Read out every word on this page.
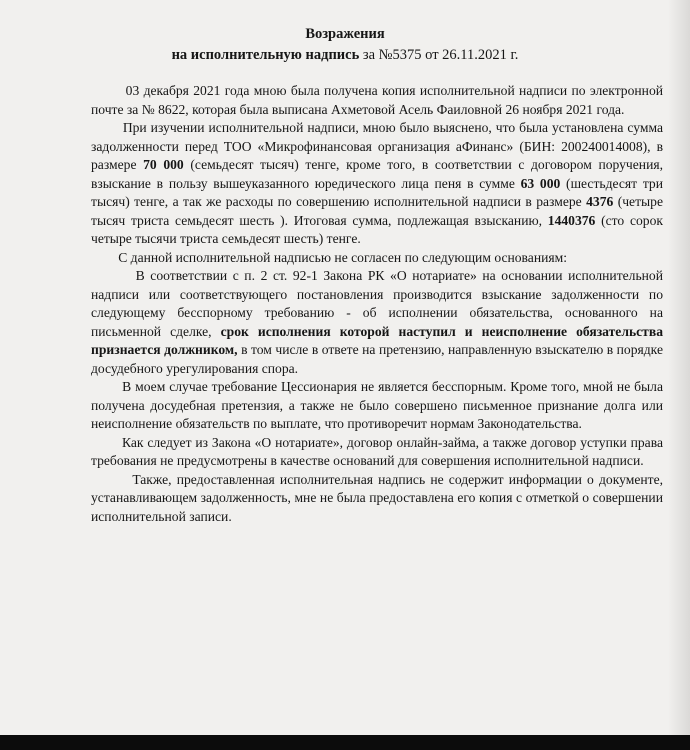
Возражения
на исполнительную надпись за №5375 от 26.11.2021 г.

03 декабря 2021 года мною была получена копия исполнительной надписи по электронной почте за № 8622, которая была выписана Ахметовой Асель Фаиловной 26 ноября 2021 года.

При изучении исполнительной надписи, мною было выяснено, что была установлена сумма задолженности перед ТОО «Микрофинансовая организация аФинанс» (БИН: 200240014008), в размере 70 000 (семьдесят тысяч) тенге, кроме того, в соответствии с договором поручения, взыскание в пользу вышеуказанного юредического лица пеня в сумме 63 000 (шестьдесят три тысяч) тенге, а так же расходы по совершению исполнительной надписи в размере 4376 (четыре тысяч триста семьдесят шесть ). Итоговая сумма, подлежащая взысканию, 1440376 (сто сорок четыре тысячи триста семьдесят шесть) тенге.

С данной исполнительной надписью не согласен по следующим основаниям:

В соответствии с п. 2 ст. 92-1 Закона РК «О нотариате» на основании исполнительной надписи или соответствующего постановления производится взыскание задолженности по следующему бесспорному требованию - об исполнении обязательства, основанного на письменной сделке, срок исполнения которой наступил и неисполнение обязательства признается должником, в том числе в ответе на претензию, направленную взыскателю в порядке досудебного урегулирования спора.

В моем случае требование Цессионария не является бесспорным. Кроме того, мной не была получена досудебная претензия, а также не было совершено письменное признание долга или неисполнение обязательств по выплате, что противоречит нормам Законодательства.

Как следует из Закона «О нотариате», договор онлайн-займа, а также договор уступки права требования не предусмотрены в качестве оснований для совершения исполнительной надписи.

Также, предоставленная исполнительная надпись не содержит информации о документе, устанавливающем задолженность, мне не была предоставлена его копия с отметкой о совершении исполнительной записи.
